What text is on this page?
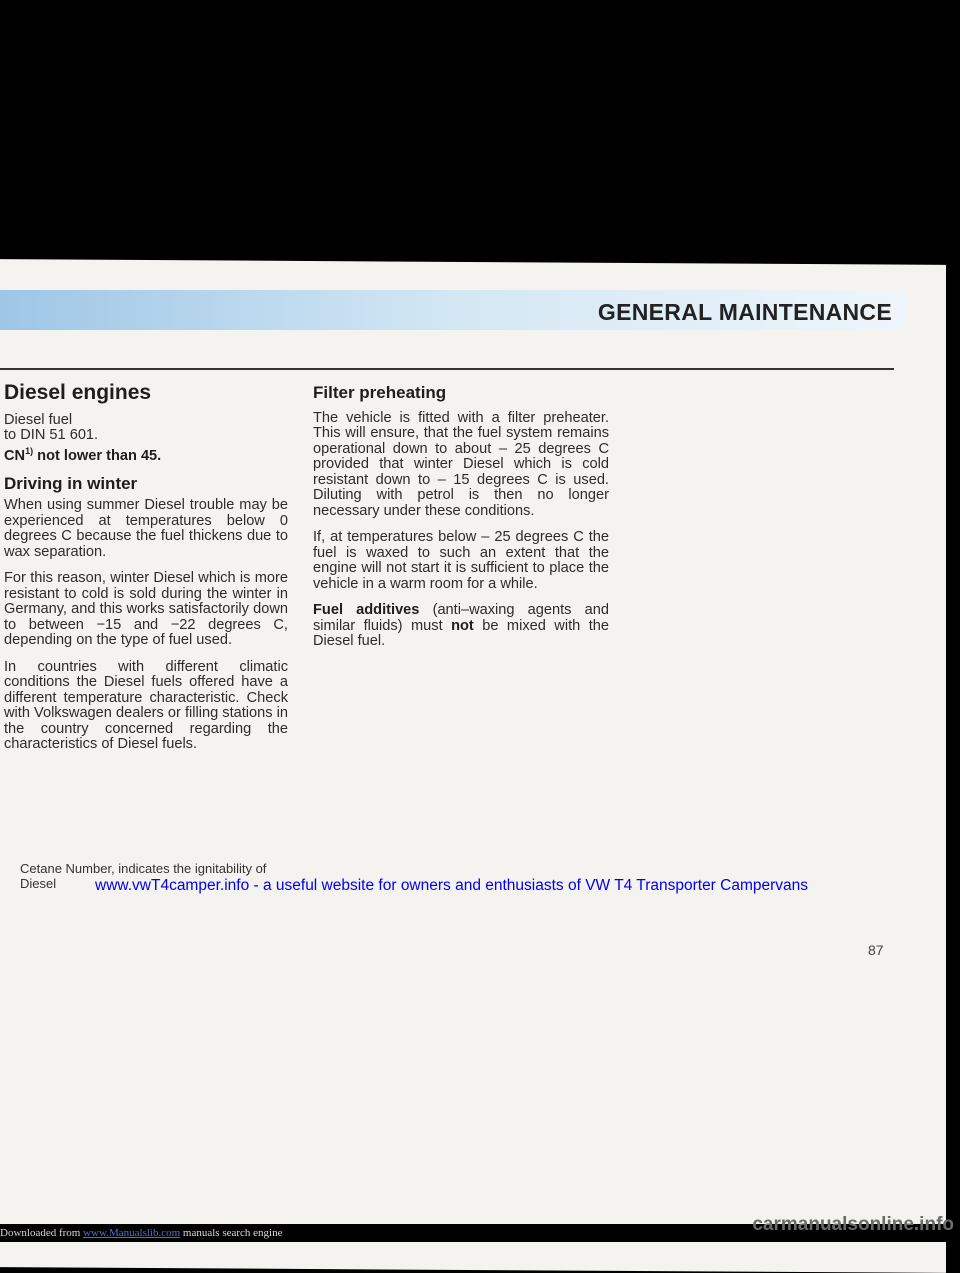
GENERAL MAINTENANCE
Diesel engines
Diesel fuel
to DIN 51 601.
CN$^{1)}$ not lower than 45.
Driving in winter

When using summer Diesel trouble may be experienced at temperatures below 0 degrees C because the fuel thickens due to wax separation.

For this reason, winter Diesel which is more resistant to cold is sold during the winter in Germany, and this works satisfactorily down to between −15 and −22 degrees C, depending on the type of fuel used.

In countries with different climatic conditions the Diesel fuels offered have a different temperature characteristic. Check with Volkswagen dealers or filling stations in the country concerned regarding the characteristics of Diesel fuels.

Filter preheating

The vehicle is fitted with a filter preheater. This will ensure, that the fuel system remains operational down to about – 25 degrees C provided that winter Diesel which is cold resistant down to – 15 degrees C is used. Diluting with petrol is then no longer necessary under these conditions.

If, at temperatures below – 25 degrees C the fuel is waxed to such an extent that the engine will not start it is sufficient to place the vehicle in a warm room for a while.

Fuel additives (anti–waxing agents and similar fluids) must not be mixed with the Diesel fuel.

Cetane Number, indicates the ignitability of
Diesel	www.vwT4camper.info - a useful website for owners and enthusiasts of VW T4 Transporter Campervans
87
Downloaded from www.Manualslib.com manuals search engine	carmanualsonline.info
